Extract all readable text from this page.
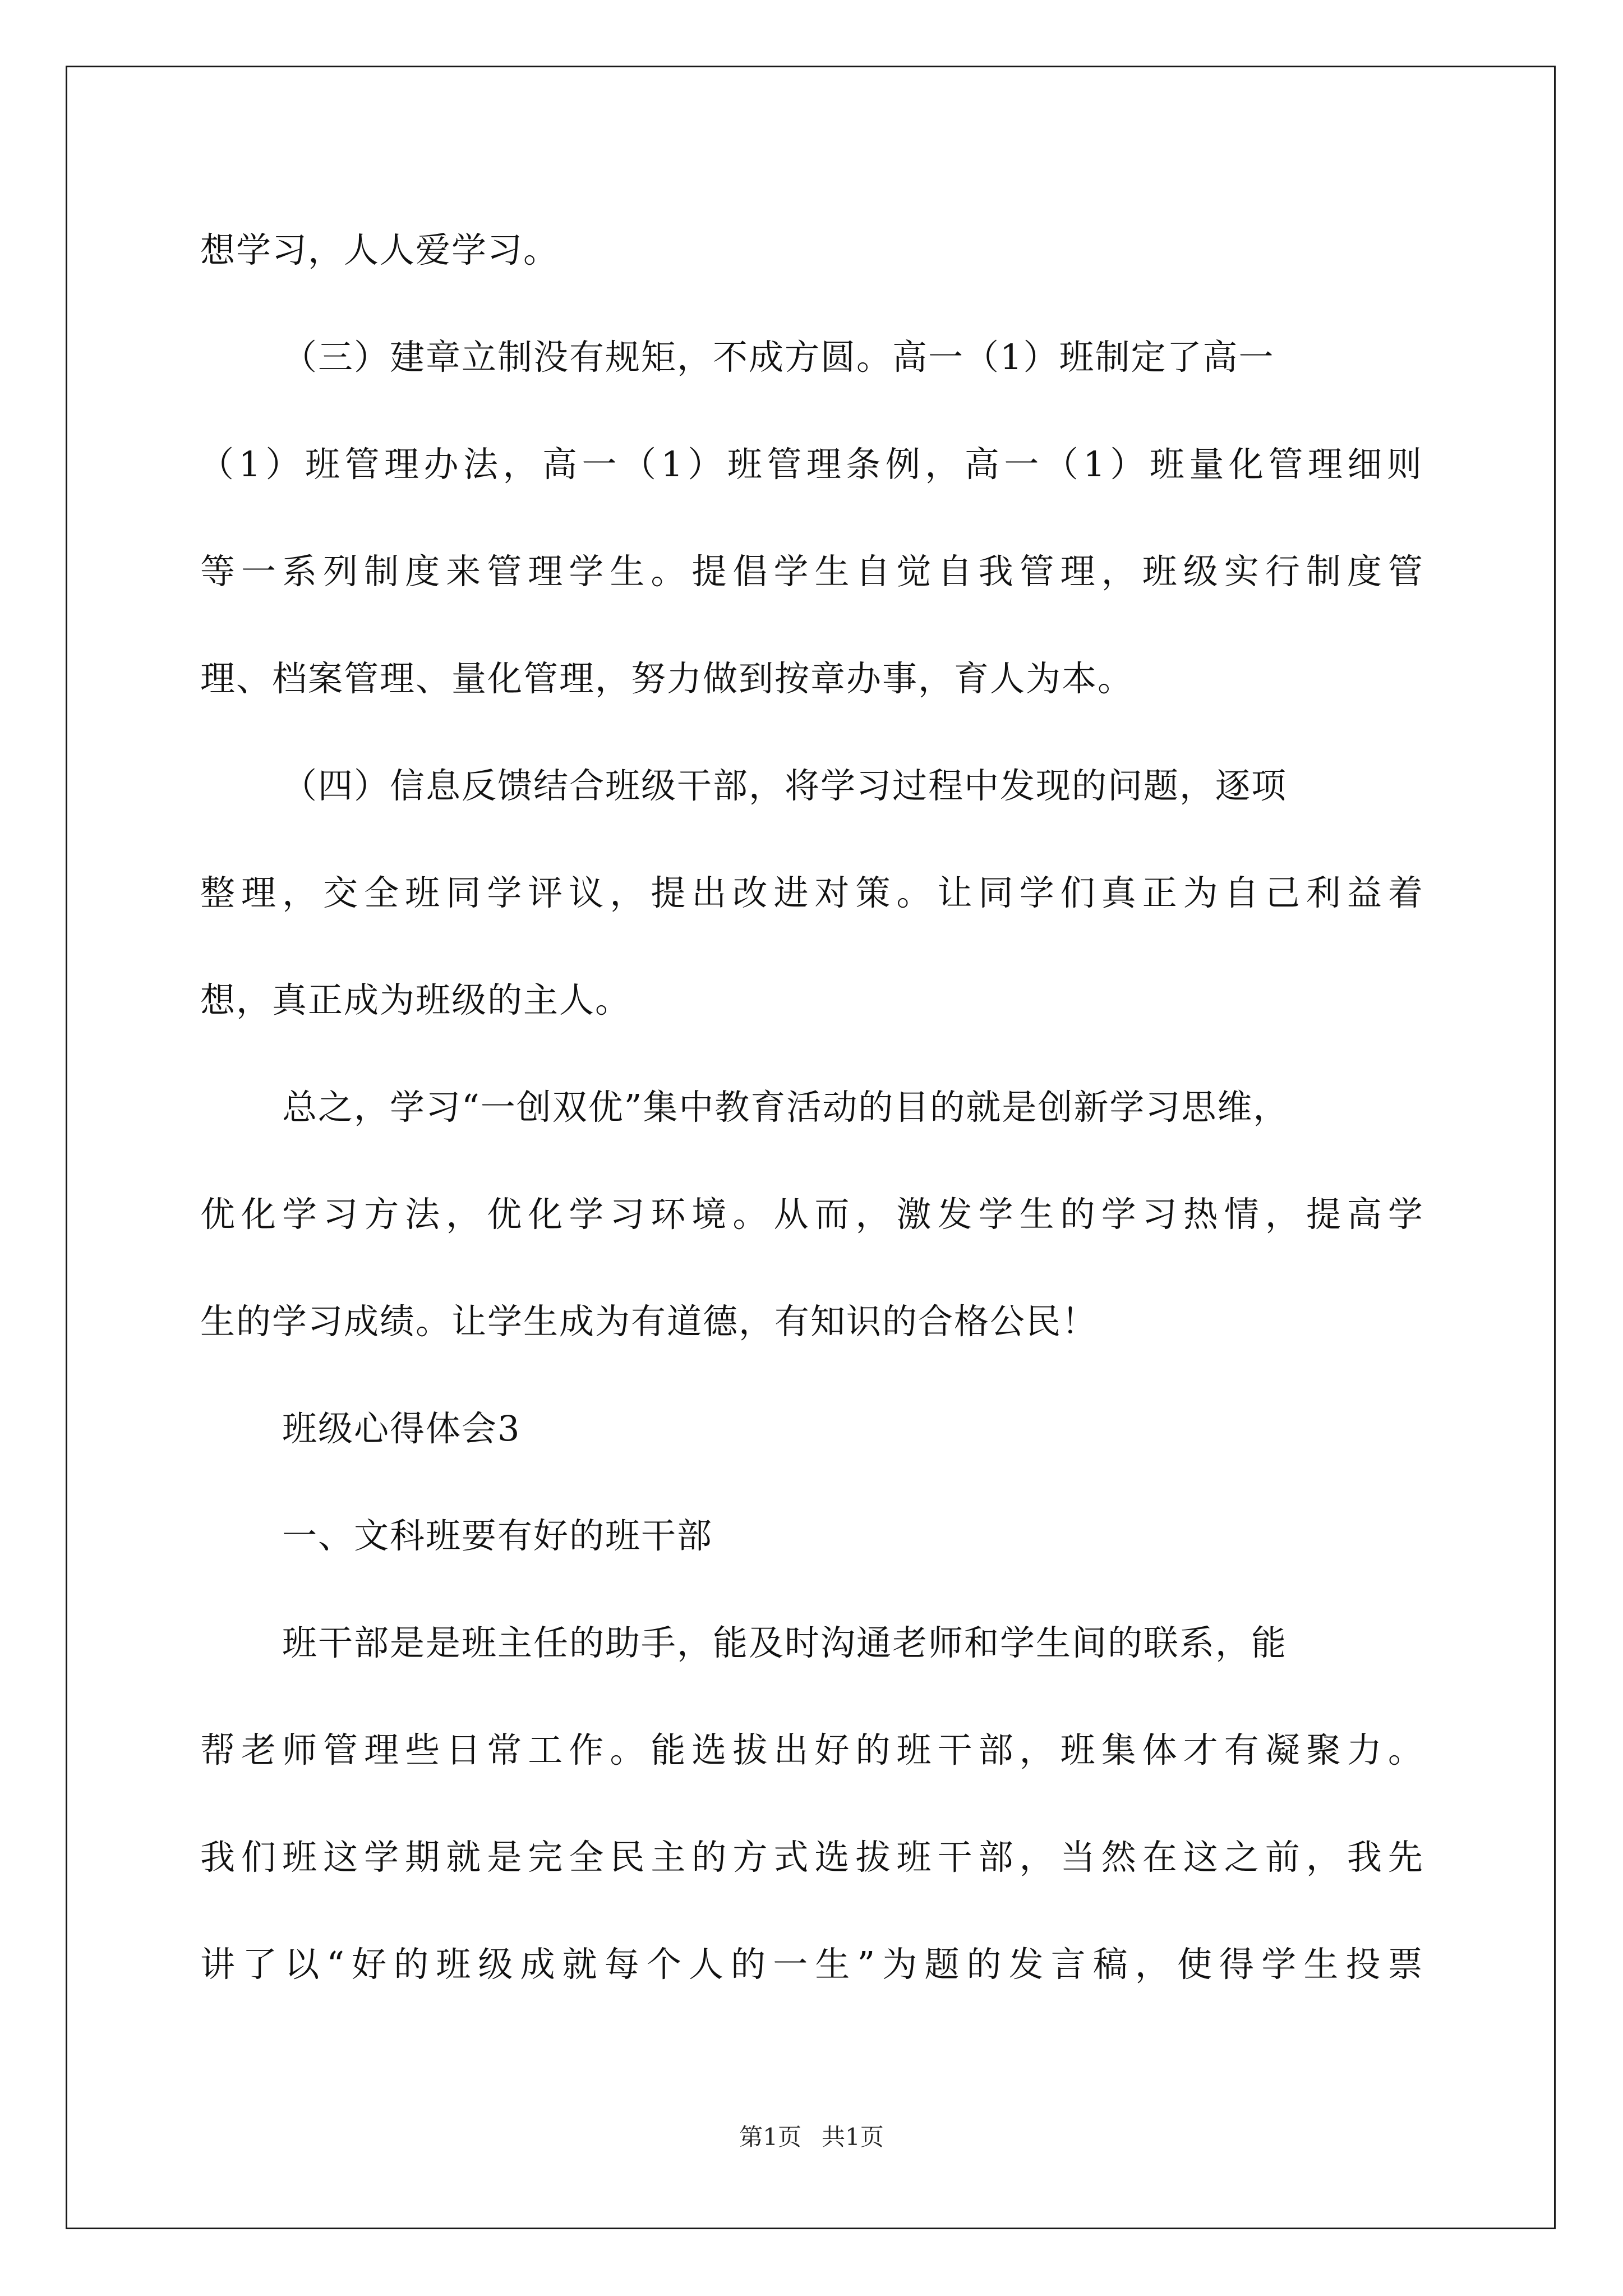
想学习，人人爱学习。
（三）建章立制没有规矩，不成方圆。高一（1）班制定了高一
（ 1 ） 班 管 理 办 法 ， 高 一 （ 1 ） 班 管 理 条 例 ， 高 一 （ 1 ） 班 量 化 管 理 细 则
等 一 系 列 制 度 来 管 理 学 生 。 提 倡 学 生 自 觉 自 我 管 理 ， 班 级 实 行 制 度 管
理、档案管理、量化管理，努力做到按章办事，育人为本。
（四）信息反馈结合班级干部，将学习过程中发现的问题，逐项
整 理 ， 交 全 班 同 学 评 议 ， 提 出 改 进 对 策 。 让 同 学 们 真 正 为 自 己 利 益 着
想，真正成为班级的主人。
总之，学习“一创双优”集中教育活动的目的就是创新学习思维，
优 化 学 习 方 法 ， 优 化 学 习 环 境 。 从 而 ， 激 发 学 生 的 学 习 热 情 ， 提 高 学
生的学习成绩。让学生成为有道德，有知识的合格公民！
班级心得体会3
一、文科班要有好的班干部
班干部是是班主任的助手，能及时沟通老师和学生间的联系，能
帮 老 师 管 理 些 日 常 工 作 。 能 选 拔 出 好 的 班 干 部 ， 班 集 体 才 有 凝 聚 力 。
我 们 班 这 学 期 就 是 完 全 民 主 的 方 式 选 拔 班 干 部 ， 当 然 在 这 之 前 ， 我 先
讲 了 以 “ 好 的 班 级 成 就 每 个 人 的 一 生 ” 为 题 的 发 言 稿 ， 使 得 学 生 投 票
第1页 共1页
